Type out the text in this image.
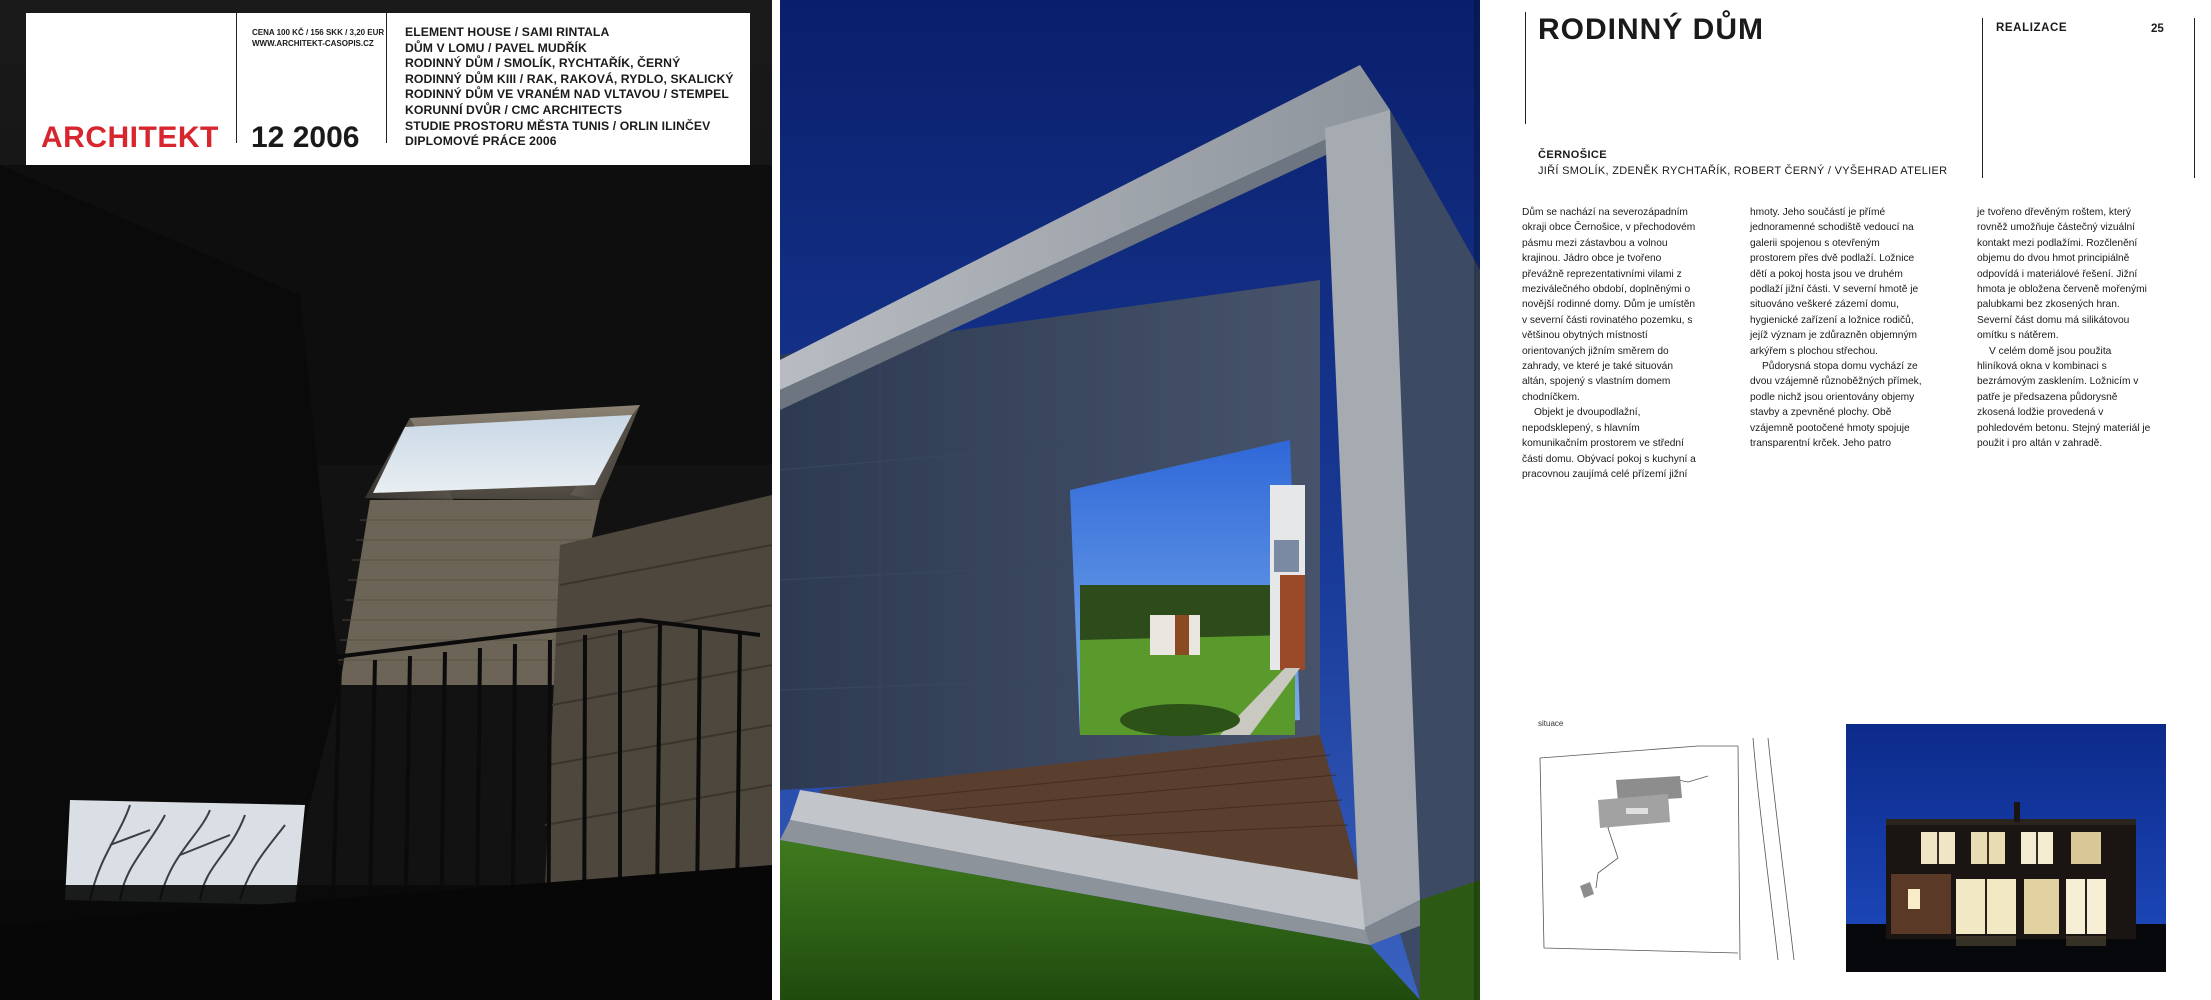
ARCHITEKT 12 2006
CENA 100 KČ / 156 SKK / 3,20 EUR
WWW.ARCHITEKT-CASOPIS.CZ
ELEMENT HOUSE / SAMI RINTALA
DŮM V LOMU / PAVEL MUDŘÍK
RODINNÝ DŮM / SMOLÍK, RYCHTAŘÍK, ČERNÝ
RODINNÝ DŮM KIII / RAK, RAKOVÁ, RYDLO, SKALICKÝ
RODINNÝ DŮM VE VRANÉM NAD VLTAVOU / STEMPEL
KORUNNÍ DVŮR / CMC ARCHITECTS
STUDIE PROSTORU MĚSTA TUNIS / ORLIN ILINČEV
DIPLOMOVÉ PRÁCE 2006
RODINNÝ DŮM	REALIZACE	25
ČERNOŠICE
JIŘÍ SMOLÍK, ZDENĚK RYCHTAŘÍK, ROBERT ČERNÝ / VYŠEHRAD ATELIER

Dům se nachází na severozápadním okraji obce Černošice, v přechodovém pásmu mezi zástavbou a volnou krajinou. Jádro obce je tvořeno převážně reprezentativními vilami z meziválečného období, doplněnými o novější rodinné domy. Dům je umístěn v severní části rovinatého pozemku, s většinou obytných místností orientovaných jižním směrem do zahrady, ve které je také situován altán, spojený s vlastním domem chodníčkem.

Objekt je dvoupodlažní, nepodsklepený, s hlavním komunikačním prostorem ve střední části domu. Obývací pokoj s kuchyní a pracovnou zaujímá celé přízemí jižní

hmoty. Jeho součástí je přímé jednoramenné schodiště vedoucí na galerii spojenou s otevřeným prostorem přes dvě podlaží. Ložnice dětí a pokoj hosta jsou ve druhém podlaží jižní části. V severní hmotě je situováno veškeré zázemí domu, hygienické zařízení a ložnice rodičů, jejíž význam je zdůrazněn objemným arkýřem s plochou střechou.

Půdorysná stopa domu vychází ze dvou vzájemně různoběžných přímek, podle nichž jsou orientovány objemy stavby a zpevněné plochy. Obě vzájemně pootočené hmoty spojuje transparentní krček. Jeho patro

je tvořeno dřevěným roštem, který rovněž umožňuje částečný vizuální kontakt mezi podlažími. Rozčlenění objemu do dvou hmot principiálně odpovídá i materiálové řešení. Jižní hmota je obložena červeně mořenými palubkami bez zkosených hran. Severní část domu má silikátovou omítku s nátěrem.

V celém domě jsou použita hliníková okna v kombinaci s bezrámovým zasklením. Ložnicím v patře je předsazena půdorysně zkosená lodžie provedená v pohledovém betonu. Stejný materiál je použit i pro altán v zahradě.

situace
